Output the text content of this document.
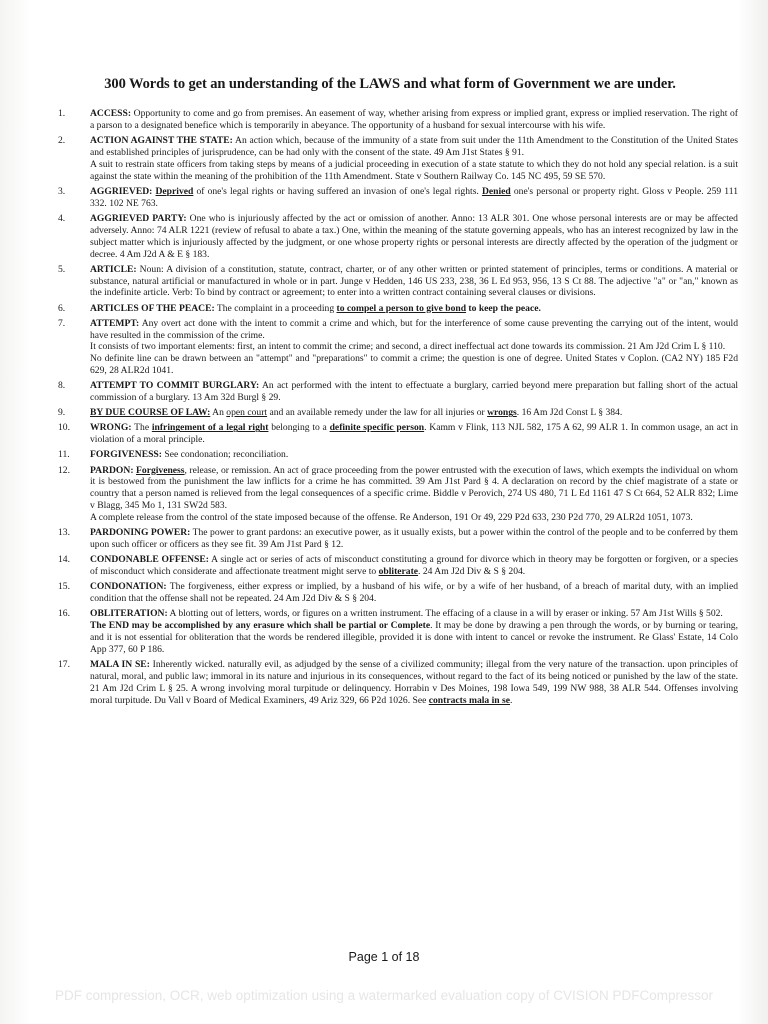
300 Words to get an understanding of the LAWS and what form of Government we are under.
1.	ACCESS: Opportunity to come and go from premises. An easement of way, whether arising from express or implied grant, express or implied reservation. The right of a parson to a designated benefice which is temporarily in abeyance. The opportunity of a husband for sexual intercourse with his wife.
2.	ACTION AGAINST THE STATE: An action which, because of the immunity of a state from suit under the 11th Amendment to the Constitution of the United States and established principles of jurisprudence, can be had only with the consent of the state. 49 Am J1st States § 91.
A suit to restrain state officers from taking steps by means of a judicial proceeding in execution of a state statute to which they do not hold any special relation. is a suit against the state within the meaning of the prohibition of the 11th Amendment. State v Southern Railway Co. 145 NC 495, 59 SE 570.
3.	AGGRIEVED: Deprived of one's legal rights or having suffered an invasion of one's legal rights. Denied one's personal or property right. Gloss v People. 259 111 332. 102 NE 763.
4.	AGGRIEVED PARTY: One who is injuriously affected by the act or omission of another. Anno: 13 ALR 301. One whose personal interests are or may be affected adversely. Anno: 74 ALR 1221 (review of refusal to abate a tax.) One, within the meaning of the statute governing appeals, who has an interest recognized by law in the subject matter which is injuriously affected by the judgment, or one whose property rights or personal interests are directly affected by the operation of the judgment or decree. 4 Am J2d A & E § 183.
5.	ARTICLE: Noun: A division of a constitution, statute, contract, charter, or of any other written or printed statement of principles, terms or conditions. A material or substance, natural artificial or manufactured in whole or in part. Junge v Hedden, 146 US 233, 238, 36 L Ed 953, 956, 13 S Ct 88. The adjective "a" or "an," known as the indefinite article. Verb: To bind by contract or agreement; to enter into a written contract containing several clauses or divisions.
6.	ARTICLES OF THE PEACE: The complaint in a proceeding to compel a person to give bond to keep the peace.
7.	ATTEMPT: Any overt act done with the intent to commit a crime and which, but for the interference of some cause preventing the carrying out of the intent, would have resulted in the commission of the crime.
It consists of two important elements: first, an intent to commit the crime; and second, a direct ineffectual act done towards its commission. 21 Am J2d Crim L § 110.
No definite line can be drawn between an "attempt" and "preparations" to commit a crime; the question is one of degree. United States v Coplon. (CA2 NY) 185 F2d 629, 28 ALR2d 1041.
8.	ATTEMPT TO COMMIT BURGLARY: An act performed with the intent to effectuate a burglary, carried beyond mere preparation but falling short of the actual commission of a burglary. 13 Am 32d Burgl § 29.
9.	BY DUE COURSE OF LAW: An open court and an available remedy under the law for all injuries or wrongs. 16 Am J2d Const L § 384.
10.	WRONG: The infringement of a legal right belonging to a definite specific person. Kamm v Flink, 113 NJL 582, 175 A 62, 99 ALR 1. In common usage, an act in violation of a moral principle.
11.	FORGIVENESS: See condonation; reconciliation.
12.	PARDON: Forgiveness, release, or remission. An act of grace proceeding from the power entrusted with the execution of laws, which exempts the individual on whom it is bestowed from the punishment the law inflicts for a crime he has committed. 39 Am J1st Pard § 4. A declaration on record by the chief magistrate of a state or country that a person named is relieved from the legal consequences of a specific crime. Biddle v Perovich, 274 US 480, 71 L Ed 1161 47 S Ct 664, 52 ALR 832; Lime v Blagg, 345 Mo 1, 131 SW2d 583.
A complete release from the control of the state imposed because of the offense. Re Anderson, 191 Or 49, 229 P2d 633, 230 P2d 770, 29 ALR2d 1051, 1073.
13.	PARDONING POWER: The power to grant pardons: an executive power, as it usually exists, but a power within the control of the people and to be conferred by them upon such officer or officers as they see fit. 39 Am J1st Pard § 12.
14.	CONDONABLE OFFENSE: A single act or series of acts of misconduct constituting a ground for divorce which in theory may be forgotten or forgiven, or a species of misconduct which considerate and affectionate treatment might serve to obliterate. 24 Am J2d Div & S § 204.
15.	CONDONATION: The forgiveness, either express or implied, by a husband of his wife, or by a wife of her husband, of a breach of marital duty, with an implied condition that the offense shall not be repeated. 24 Am J2d Div & S § 204.
16.	OBLITERATION: A blotting out of letters, words, or figures on a written instrument. The effacing of a clause in a will by eraser or inking. 57 Am J1st Wills § 502.
The END may be accomplished by any erasure which shall be partial or Complete. It may be done by drawing a pen through the words, or by burning or tearing, and it is not essential for obliteration that the words be rendered illegible, provided it is done with intent to cancel or revoke the instrument. Re Glass' Estate, 14 Colo App 377, 60 P 186.
17.	MALA IN SE: Inherently wicked. naturally evil, as adjudged by the sense of a civilized community; illegal from the very nature of the transaction. upon principles of natural, moral, and public law; immoral in its nature and injurious in its consequences, without regard to the fact of its being noticed or punished by the law of the state. 21 Am J2d Crim L § 25. A wrong involving moral turpitude or delinquency. Horrabin v Des Moines, 198 Iowa 549, 199 NW 988, 38 ALR 544. Offenses involving moral turpitude. Du Vall v Board of Medical Examiners, 49 Ariz 329, 66 P2d 1026. See contracts mala in se.
Page 1 of 18
PDF compression, OCR, web optimization using a watermarked evaluation copy of CVISION PDFCompressor
